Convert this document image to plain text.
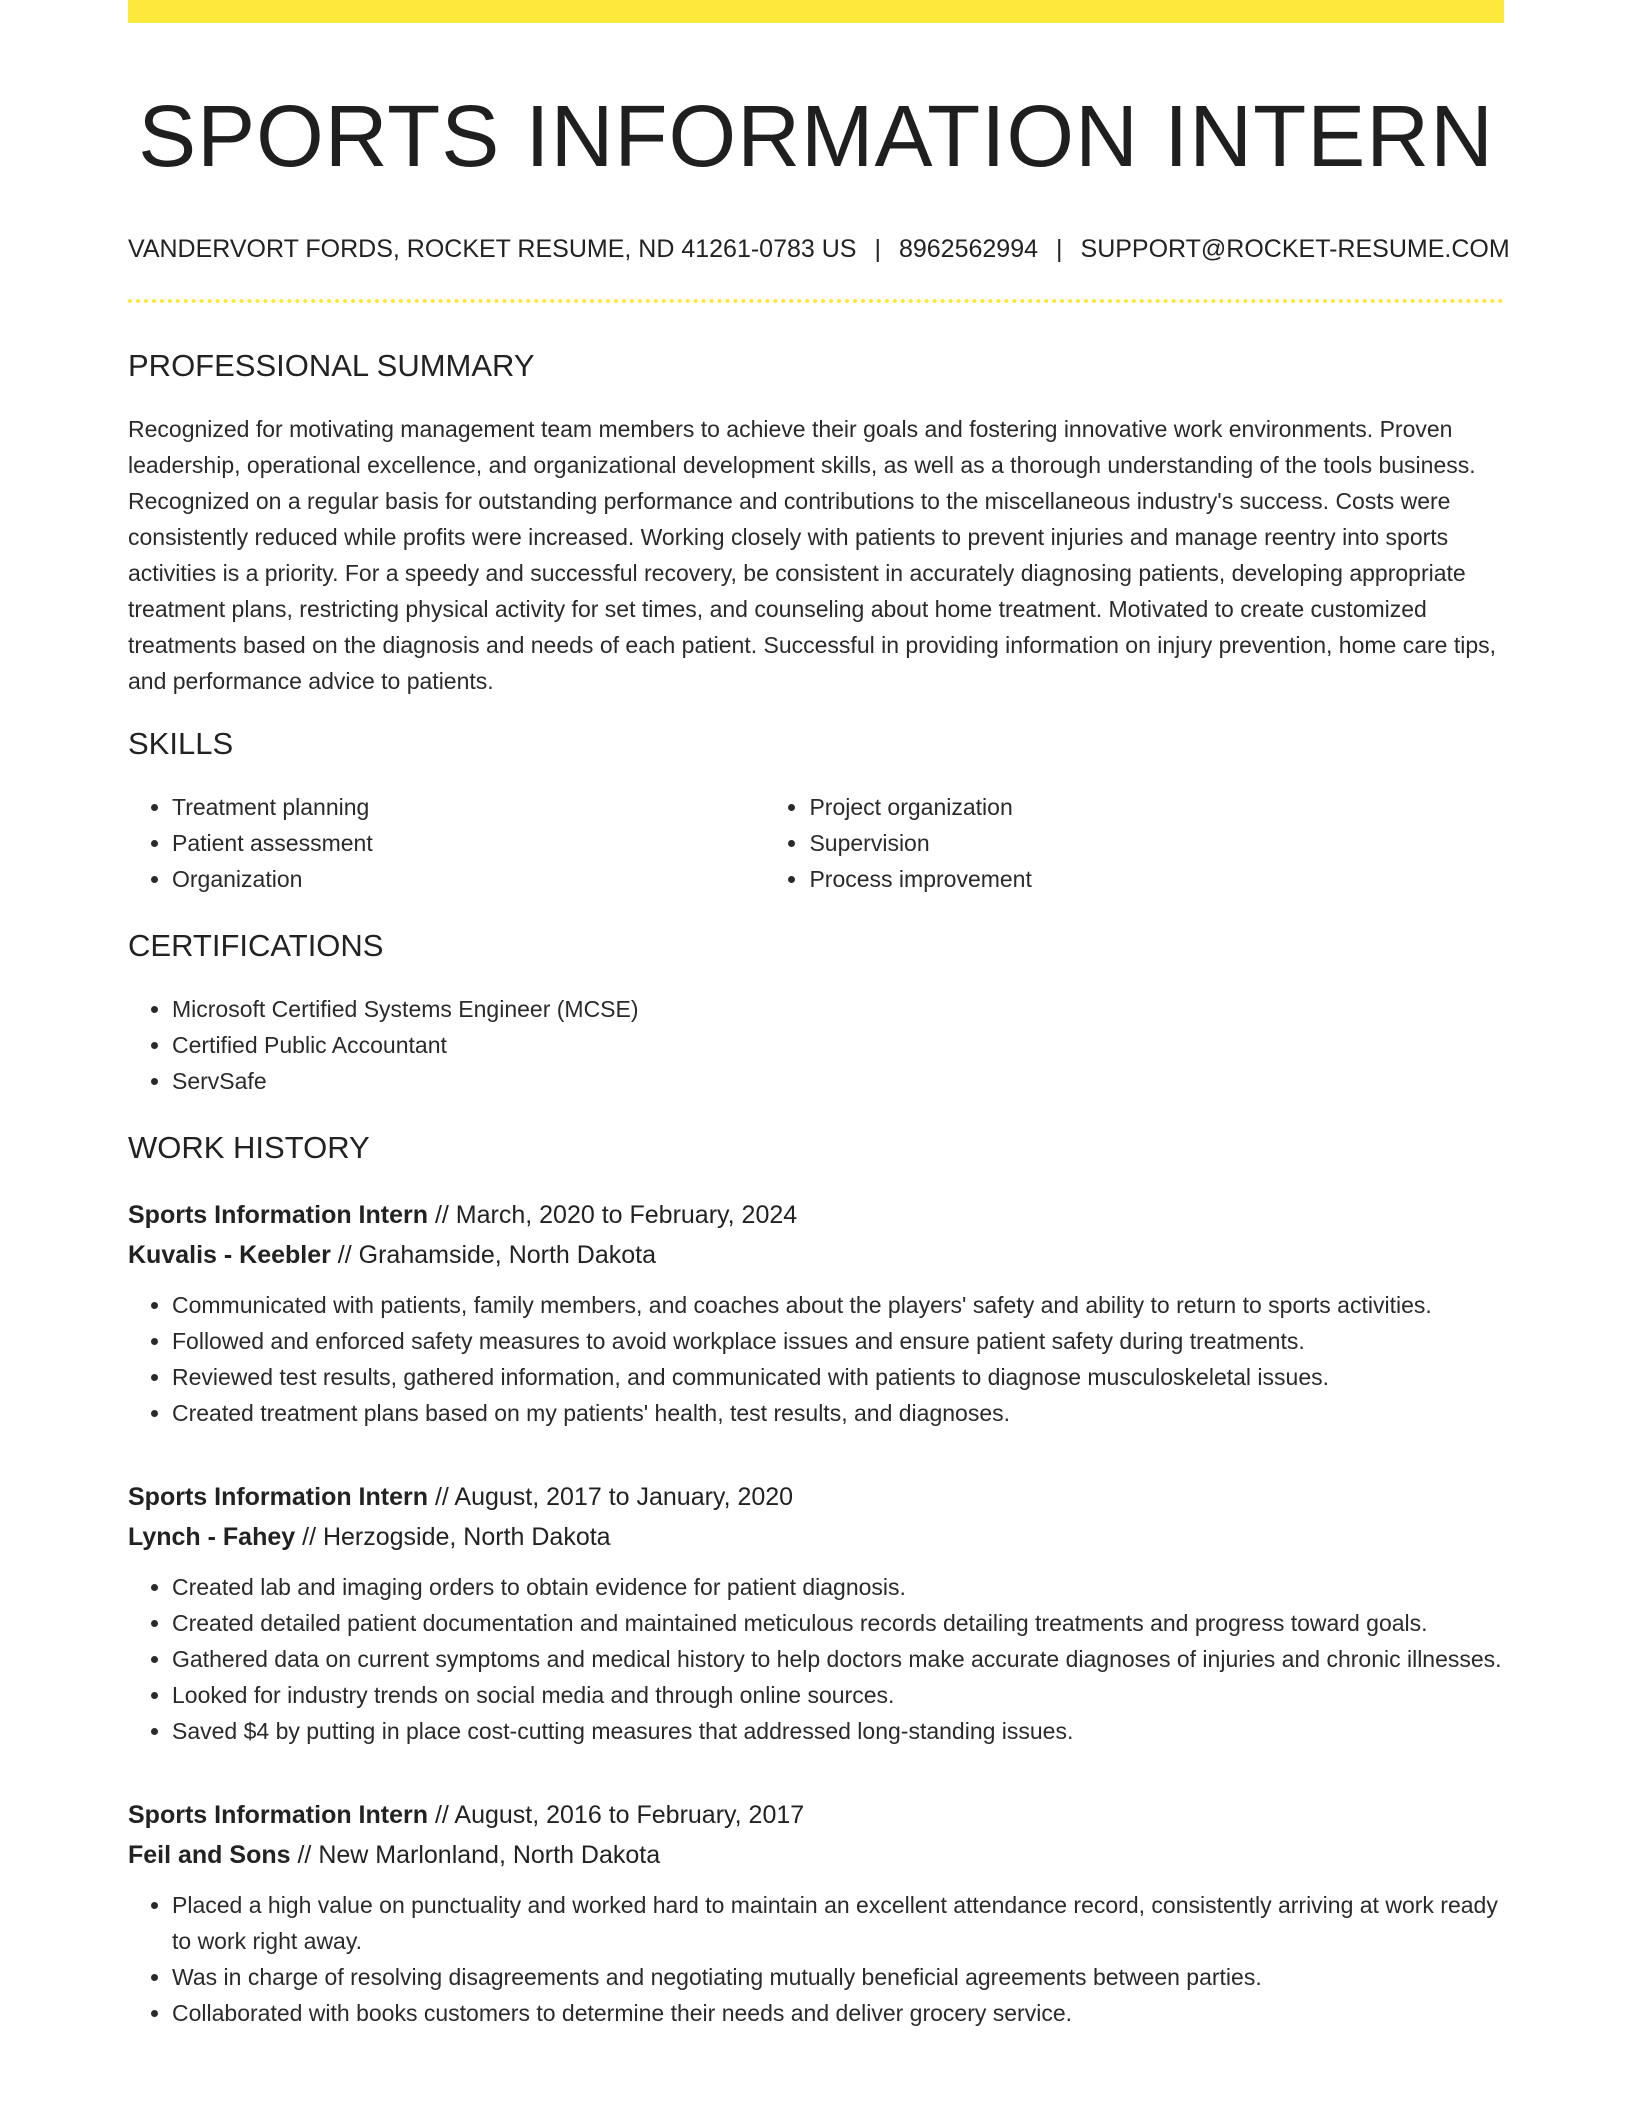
SPORTS INFORMATION INTERN
VANDERVORT FORDS, ROCKET RESUME, ND 41261-0783 US | 8962562994 | SUPPORT@ROCKET-RESUME.COM
PROFESSIONAL SUMMARY

Recognized for motivating management team members to achieve their goals and fostering innovative work environments. Proven leadership, operational excellence, and organizational development skills, as well as a thorough understanding of the tools business. Recognized on a regular basis for outstanding performance and contributions to the miscellaneous industry's success. Costs were consistently reduced while profits were increased. Working closely with patients to prevent injuries and manage reentry into sports activities is a priority. For a speedy and successful recovery, be consistent in accurately diagnosing patients, developing appropriate treatment plans, restricting physical activity for set times, and counseling about home treatment. Motivated to create customized treatments based on the diagnosis and needs of each patient. Successful in providing information on injury prevention, home care tips, and performance advice to patients.

SKILLS
• Treatment planning
• Patient assessment
• Organization
• Project organization
• Supervision
• Process improvement
CERTIFICATIONS
• Microsoft Certified Systems Engineer (MCSE)
• Certified Public Accountant
• ServSafe
WORK HISTORY
Sports Information Intern // March, 2020 to February, 2024
Kuvalis - Keebler // Grahamside, North Dakota
• Communicated with patients, family members, and coaches about the players' safety and ability to return to sports activities.
• Followed and enforced safety measures to avoid workplace issues and ensure patient safety during treatments.
• Reviewed test results, gathered information, and communicated with patients to diagnose musculoskeletal issues.
• Created treatment plans based on my patients' health, test results, and diagnoses.
Sports Information Intern // August, 2017 to January, 2020
Lynch - Fahey // Herzogside, North Dakota
• Created lab and imaging orders to obtain evidence for patient diagnosis.
• Created detailed patient documentation and maintained meticulous records detailing treatments and progress toward goals.
• Gathered data on current symptoms and medical history to help doctors make accurate diagnoses of injuries and chronic illnesses.
• Looked for industry trends on social media and through online sources.
• Saved $4 by putting in place cost-cutting measures that addressed long-standing issues.
Sports Information Intern // August, 2016 to February, 2017
Feil and Sons // New Marlonland, North Dakota
• Placed a high value on punctuality and worked hard to maintain an excellent attendance record, consistently arriving at work ready to work right away.
• Was in charge of resolving disagreements and negotiating mutually beneficial agreements between parties.
• Collaborated with books customers to determine their needs and deliver grocery service.
